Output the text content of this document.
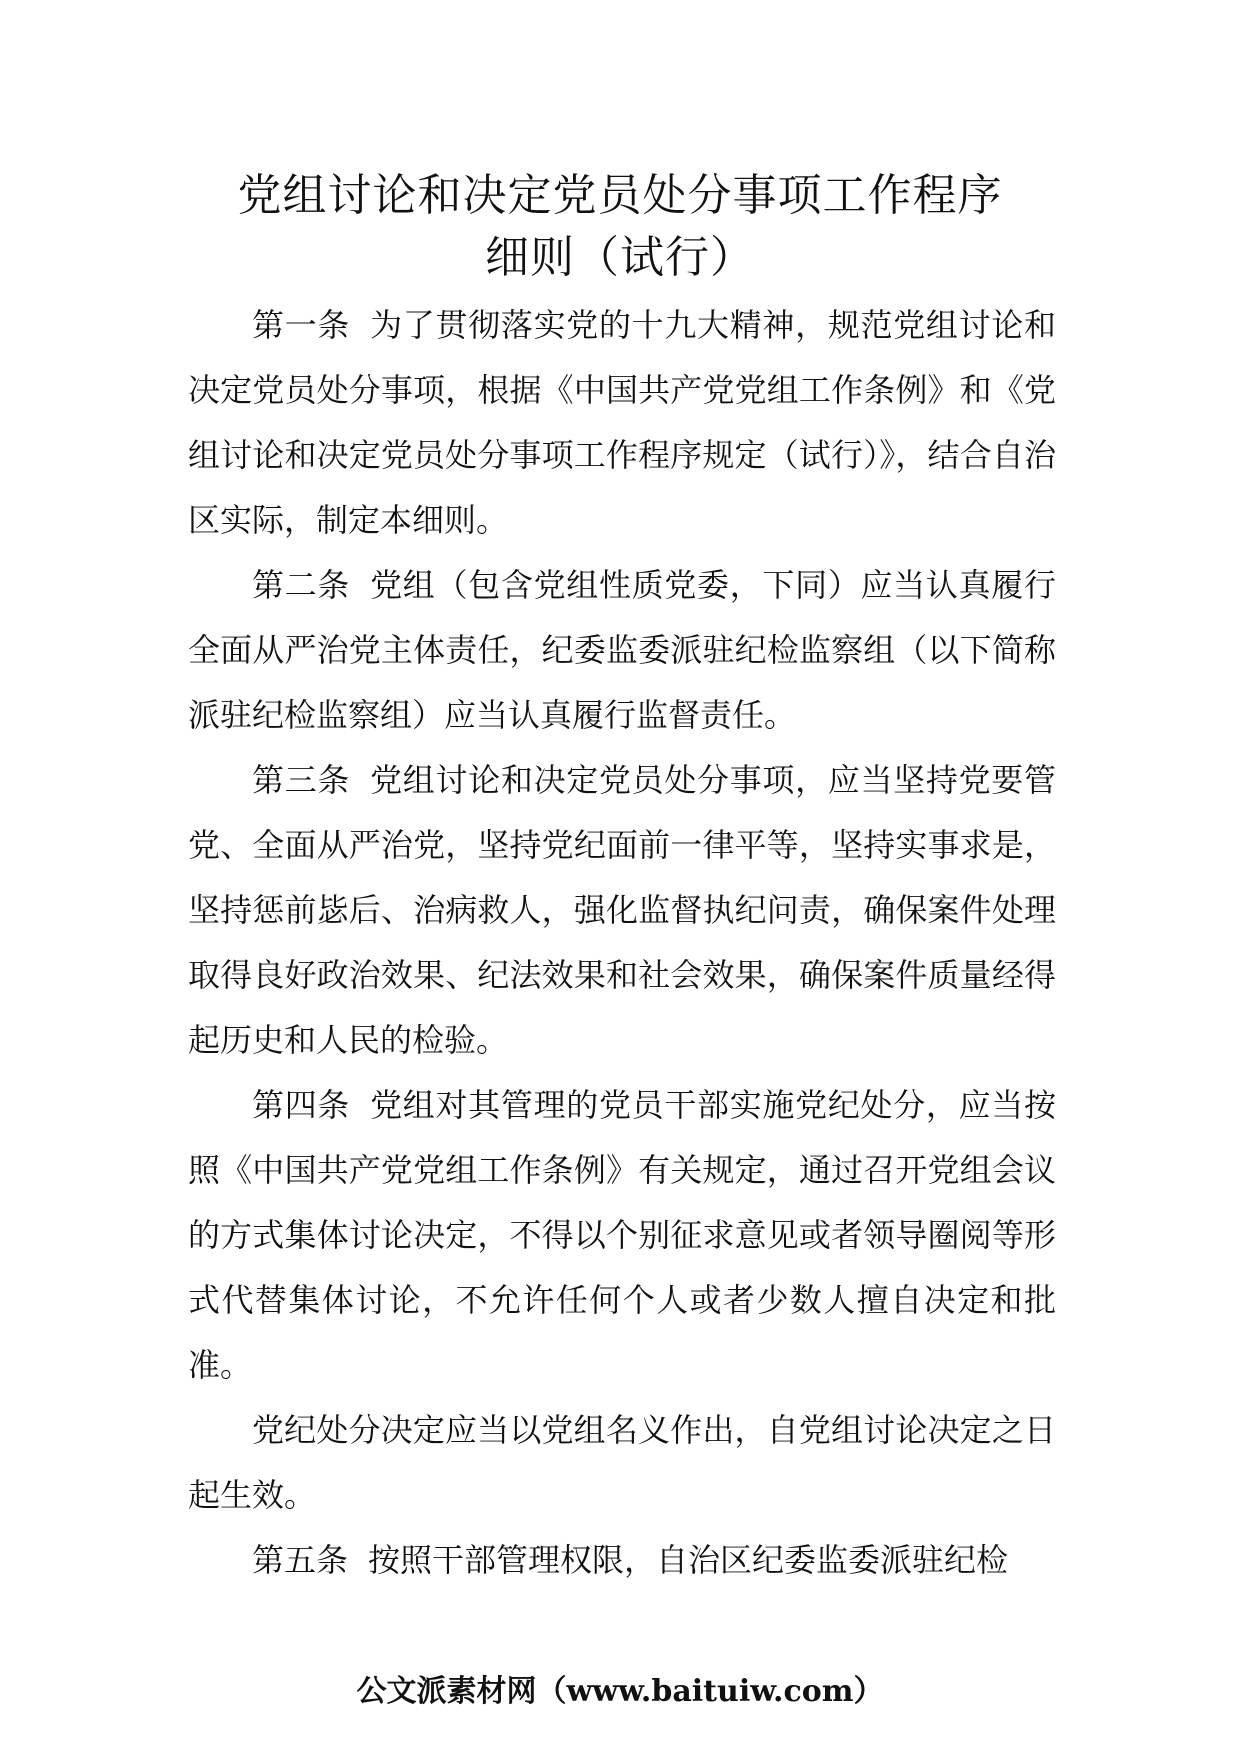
党组讨论和决定党员处分事项工作程序
细则（试行）

第一条 为了贯彻落实党的十九大精神，规范党组讨论和决定党员处分事项，根据《中国共产党党组工作条例》和《党组讨论和决定党员处分事项工作程序规定（试行）》，结合自治区实际，制定本细则。

第二条 党组（包含党组性质党委，下同）应当认真履行全面从严治党主体责任，纪委监委派驻纪检监察组（以下简称派驻纪检监察组）应当认真履行监督责任。

第三条 党组讨论和决定党员处分事项，应当坚持党要管党、全面从严治党，坚持党纪面前一律平等，坚持实事求是，坚持惩前毖后、治病救人，强化监督执纪问责，确保案件处理取得良好政治效果、纪法效果和社会效果，确保案件质量经得起历史和人民的检验。

第四条 党组对其管理的党员干部实施党纪处分，应当按照《中国共产党党组工作条例》有关规定，通过召开党组会议的方式集体讨论决定，不得以个别征求意见或者领导圈阅等形式代替集体讨论，不允许任何个人或者少数人擅自决定和批准。

党纪处分决定应当以党组名义作出，自党组讨论决定之日起生效。

第五条 按照干部管理权限，自治区纪委监委派驻纪检

公文派素材网（www.baituiw.com）
